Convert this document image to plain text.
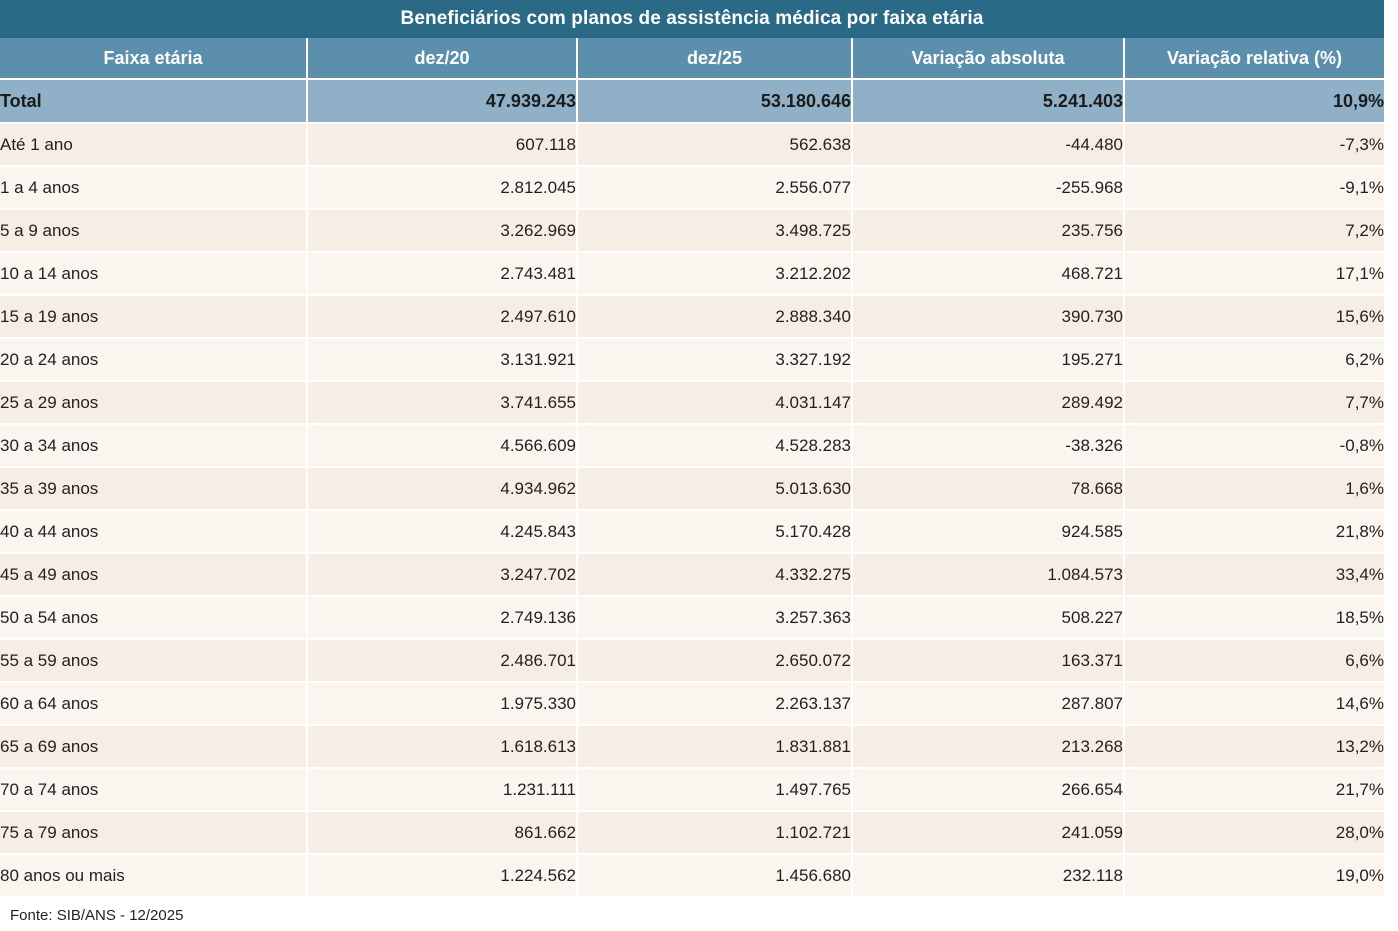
Beneficiários com planos de assistência médica por faixa etária				
Faixa etária	dez/20	dez/25	Variação absoluta	Variação relativa (%)
Total	47.939.243	53.180.646	5.241.403	10,9%
Até 1 ano	607.118	562.638	-44.480	-7,3%
1 a 4 anos	2.812.045	2.556.077	-255.968	-9,1%
5 a 9 anos	3.262.969	3.498.725	235.756	7,2%
10 a 14 anos	2.743.481	3.212.202	468.721	17,1%
15 a 19 anos	2.497.610	2.888.340	390.730	15,6%
20 a 24 anos	3.131.921	3.327.192	195.271	6,2%
25 a 29 anos	3.741.655	4.031.147	289.492	7,7%
30 a 34 anos	4.566.609	4.528.283	-38.326	-0,8%
35 a 39 anos	4.934.962	5.013.630	78.668	1,6%
40 a 44 anos	4.245.843	5.170.428	924.585	21,8%
45 a 49 anos	3.247.702	4.332.275	1.084.573	33,4%
50 a 54 anos	2.749.136	3.257.363	508.227	18,5%
55 a 59 anos	2.486.701	2.650.072	163.371	6,6%
60 a 64 anos	1.975.330	2.263.137	287.807	14,6%
65 a 69 anos	1.618.613	1.831.881	213.268	13,2%
70 a 74 anos	1.231.111	1.497.765	266.654	21,7%
75 a 79 anos	861.662	1.102.721	241.059	28,0%
80 anos ou mais	1.224.562	1.456.680	232.118	19,0%
Fonte: SIB/ANS - 12/2025
